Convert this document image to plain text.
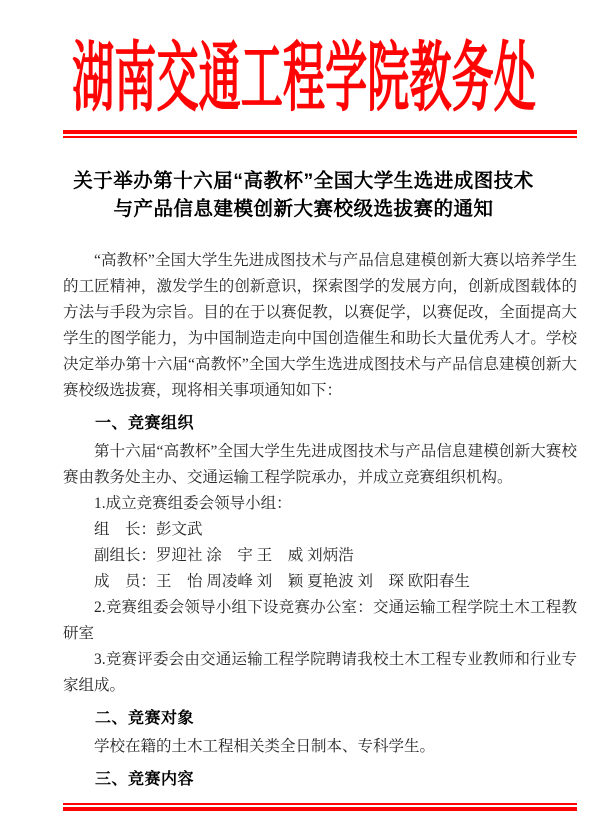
湖南交通工程学院教务处
关于举办第十六届“高教杯”全国大学生选进成图技术
与产品信息建模创新大赛校级选拔赛的通知

“高教杯”全国大学生先进成图技术与产品信息建模创新大赛以培养学生的工匠精神，激发学生的创新意识，探索图学的发展方向，创新成图载体的方法与手段为宗旨。目的在于以赛促教，以赛促学，以赛促改，全面提高大学生的图学能力，为中国制造走向中国创造催生和助长大量优秀人才。学校决定举办第十六届“高教怀”全国大学生选进成图技术与产品信息建模创新大赛校级选拔赛，现将相关事项通知如下：

一、竞赛组织

第十六届“高教杯”全国大学生先进成图技术与产品信息建模创新大赛校赛由教务处主办、交通运输工程学院承办，并成立竞赛组织机构。

1.成立竞赛组委会领导小组：

组　长：彭文武

副组长：罗迎社 涂　宇 王　威 刘炳浩

成　员：王　怡 周凌峰 刘　颖 夏艳波 刘　琛 欧阳春生

2.竞赛组委会领导小组下设竞赛办公室：交通运输工程学院土木工程教研室

3.竞赛评委会由交通运输工程学院聘请我校土木工程专业教师和行业专家组成。

二、竞赛对象

学校在籍的土木工程相关类全日制本、专科学生。

三、竞赛内容
